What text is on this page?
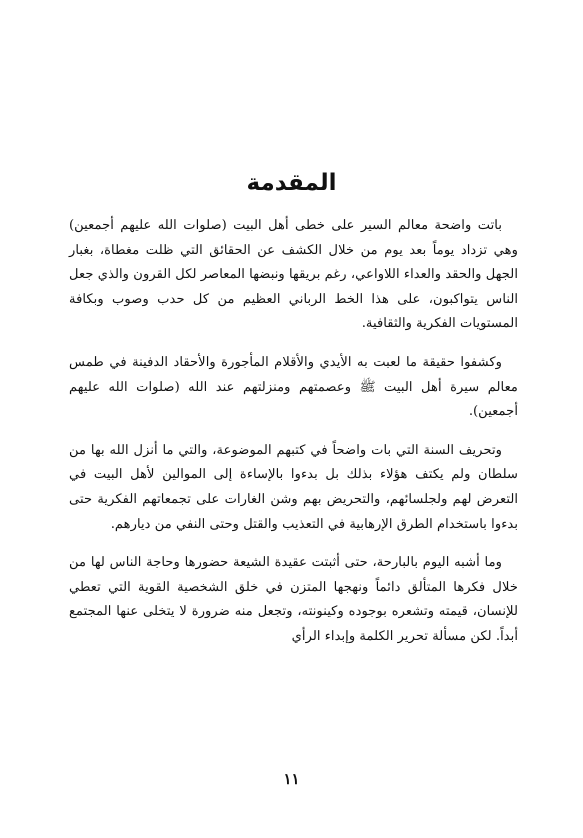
المقدمة

باتت واضحة معالم السير على خطى أهل البيت (صلوات الله عليهم أجمعين) وهي تزداد يوماً بعد يوم من خلال الكشف عن الحقائق التي ظلت مغطاة، بغبار الجهل والحقد والعداء اللاواعي، رغم بريقها ونبضها المعاصر لكل القرون والذي جعل الناس يتواكبون، على هذا الخط الرباني العظيم من كل حدب وصوب وبكافة المستويات الفكرية والثقافية.

وكشفوا حقيقة ما لعبت به الأيدي والأقلام المأجورة والأحقاد الدفينة في طمس معالم سيرة أهل البيت ﷺ وعصمتهم ومنزلتهم عند الله (صلوات الله عليهم أجمعين).

وتحريف السنة التي بات واضحاً في كتبهم الموضوعة، والتي ما أنزل الله بها من سلطان ولم يكتف هؤلاء بذلك بل بدءوا بالإساءة إلى الموالين لأهل البيت في التعرض لهم ولجلسائهم، والتحريض بهم وشن الغارات على تجمعاتهم الفكرية حتى بدءوا باستخدام الطرق الإرهابية في التعذيب والقتل وحتى النفي من ديارهم.

وما أشبه اليوم بالبارحة، حتى أثبتت عقيدة الشيعة حضورها وحاجة الناس لها من خلال فكرها المتألق دائماً ونهجها المتزن في خلق الشخصية القوية التي تعطي للإنسان، قيمته وتشعره بوجوده وكينونته، وتجعل منه ضرورة لا يتخلى عنها المجتمع أبداً. لكن مسألة تحرير الكلمة وإبداء الرأي

١١
